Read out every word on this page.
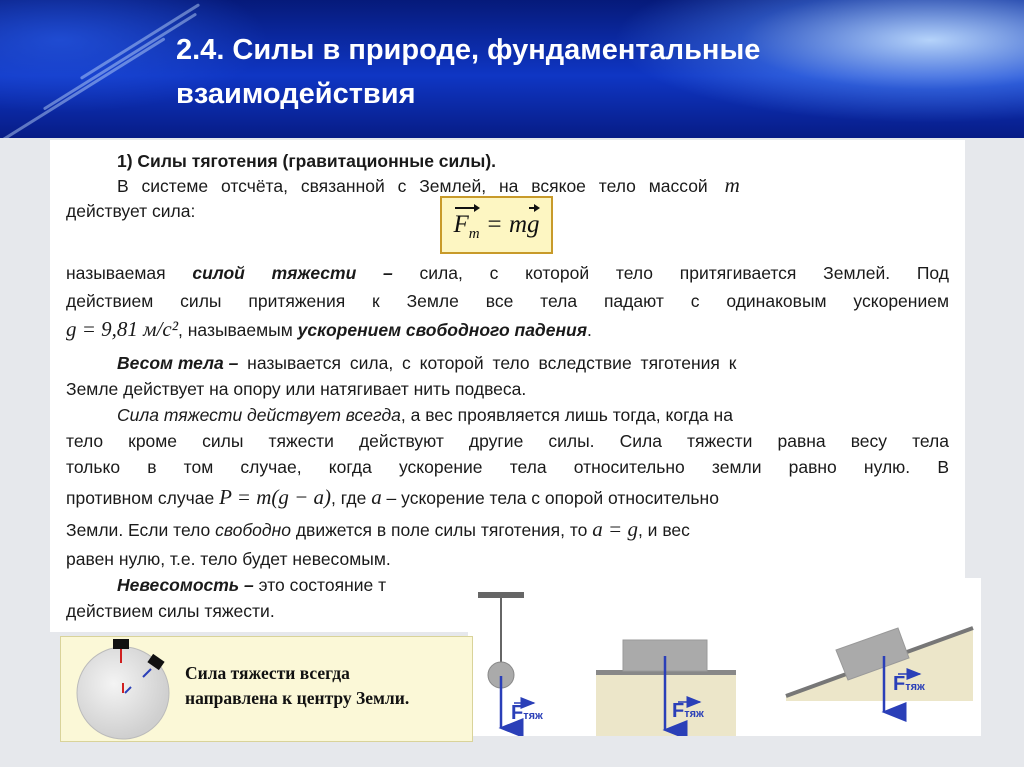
2.4. Силы в природе, фундаментальные
взаимодействия
1) Силы тяготения (гравитационные силы).
В системе отсчёта, связанной с Землей, на всякое тело массой m
действует сила:	$F_m$ = mg
называемая силой тяжести – сила, с которой тело притягивается Землей. Под
действием силы притяжения к Земле все тела падают с одинаковым ускорением
g = 9,81 м/с², называемым ускорением свободного падения.
Весом тела – называется сила, с которой тело вследствие тяготения к
Земле действует на опору или натягивает нить подвеса.
Сила тяжести действует всегда, а вес проявляется лишь тогда, когда на
тело кроме силы тяжести действуют другие силы. Сила тяжести равна весу тела
только в том случае, когда ускорение тела относительно земли равно нулю. В
противном случае P = m(g − a), где a – ускорение тела с опорой относительно
Земли. Если тело свободно движется в поле силы тяготения, то a = g, и вес
равен нулю, т.е. тело будет невесомым.
Невесомость – это состояние т
действием силы тяжести.
Fтяж	Fтяж
Fтяж
Сила тяжести всегда
направлена к центру Земли.
